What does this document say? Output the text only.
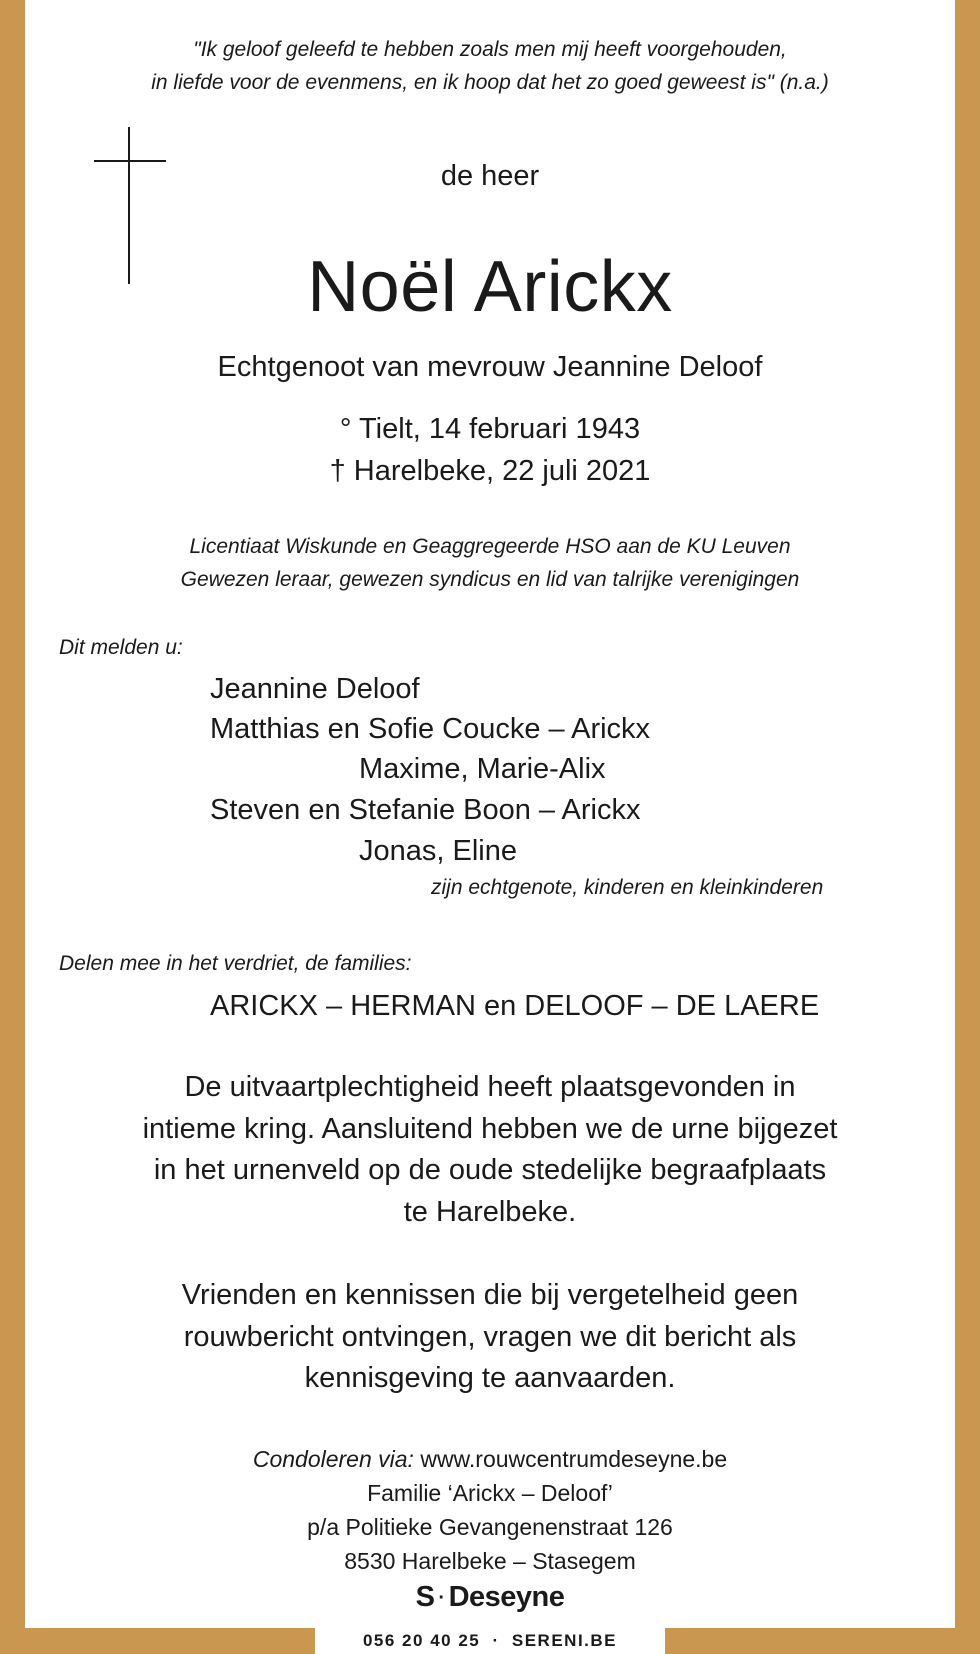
"Ik geloof geleefd te hebben zoals men mij heeft voorgehouden,
in liefde voor de evenmens, en ik hoop dat het zo goed geweest is" (n.a.)
de heer
Noël Arickx
Echtgenoot van mevrouw Jeannine Deloof
° Tielt, 14 februari 1943
† Harelbeke, 22 juli 2021
Licentiaat Wiskunde en Geaggregeerde HSO aan de KU Leuven
Gewezen leraar, gewezen syndicus en lid van talrijke verenigingen
Dit melden u:
Jeannine Deloof
Matthias en Sofie Coucke – Arickx
Maxime, Marie-Alix
Steven en Stefanie Boon – Arickx
Jonas, Eline
zijn echtgenote, kinderen en kleinkinderen
Delen mee in het verdriet, de families:
ARICKX – HERMAN en DELOOF – DE LAERE
De uitvaartplechtigheid heeft plaatsgevonden in
intieme kring. Aansluitend hebben we de urne bijgezet
in het urnenveld op de oude stedelijke begraafplaats
te Harelbeke.
Vrienden en kennissen die bij vergetelheid geen
rouwbericht ontvingen, vragen we dit bericht als
kennisgeving te aanvaarden.
Condoleren via: www.rouwcentrumdeseyne.be
Familie ‘Arickx – Deloof’
p/a Politieke Gevangenenstraat 126
8530 Harelbeke – Stasegem
S · Deseyne
056 20 40 25 · SERENI.BE
